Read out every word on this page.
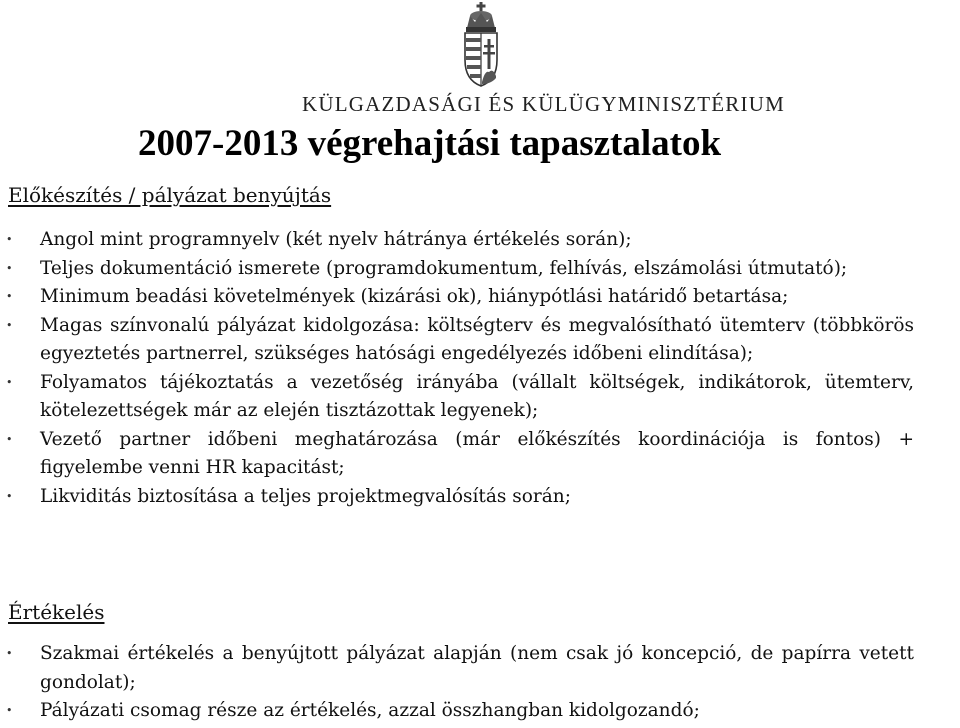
KÜLGAZDASÁGI ÉS KÜLÜGYMINISZTÉRIUM
2007-2013 végrehajtási tapasztalatok
Előkészítés / pályázat benyújtás
• Angol mint programnyelv (két nyelv hátránya értékelés során);
• Teljes dokumentáció ismerete (programdokumentum, felhívás, elszámolási útmutató);
• Minimum beadási követelmények (kizárási ok), hiánypótlási határidő betartása;
• Magas színvonalú pályázat kidolgozása: költségterv és megvalósítható ütemterv (többkörös egyeztetés partnerrel, szükséges hatósági engedélyezés időbeni elindítása);
• Folyamatos tájékoztatás a vezetőség irányába (vállalt költségek, indikátorok, ütemterv, kötelezettségek már az elején tisztázottak legyenek);
• Vezető partner időbeni meghatározása (már előkészítés koordinációja is fontos) + figyelembe venni HR kapacitást;
• Likviditás biztosítása a teljes projektmegvalósítás során;
Értékelés
• Szakmai értékelés a benyújtott pályázat alapján (nem csak jó koncepció, de papírra vetett gondolat);
• Pályázati csomag része az értékelés, azzal összhangban kidolgozandó;
